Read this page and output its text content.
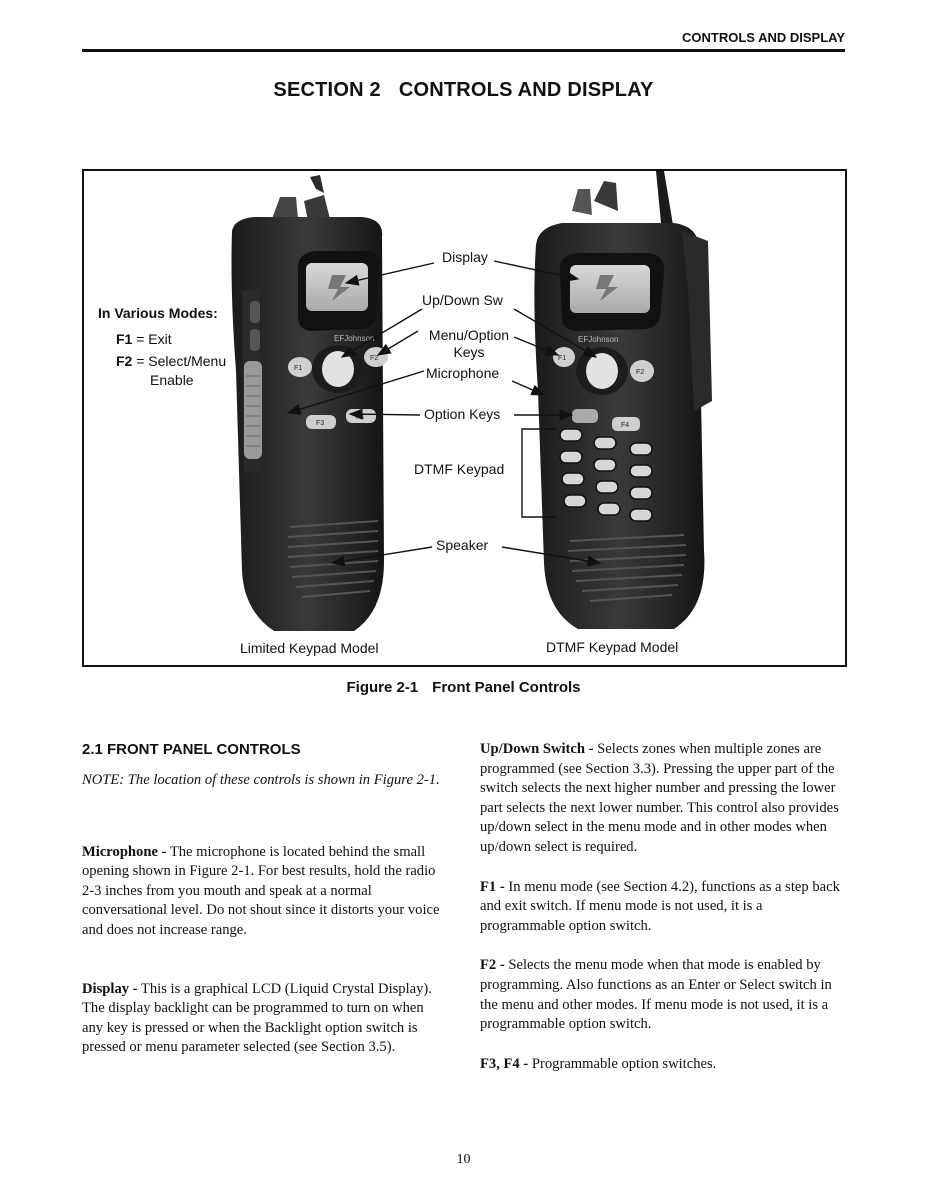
CONTROLS AND DISPLAY
SECTION 2 CONTROLS AND DISPLAY
EFJohnson
F1
F2
F3
F4
EFJohnson
F1
F2
F4
Display
Up/Down Sw
Menu/Option
Keys
Microphone
Option Keys
DTMF Keypad
Speaker
In Various Modes:
F1 = Exit
F2 = Select/Menu
Enable
Limited Keypad Model	DTMF Keypad Model
Figure 2-1 Front Panel Controls
2.1 FRONT PANEL CONTROLS

NOTE: The location of these controls is shown in Figure 2-1.

Microphone - The microphone is located behind the small opening shown in Figure 2-1. For best results, hold the radio 2-3 inches from you mouth and speak at a normal conversational level. Do not shout since it distorts your voice and does not increase range.

Display - This is a graphical LCD (Liquid Crystal Display). The display backlight can be programmed to turn on when any key is pressed or when the Backlight option switch is pressed or menu parameter selected (see Section 3.5).

Up/Down Switch - Selects zones when multiple zones are programmed (see Section 3.3). Pressing the upper part of the switch selects the next higher number and pressing the lower part selects the next lower number. This control also provides up/down select in the menu mode and in other modes when up/down select is required.

F1 - In menu mode (see Section 4.2), functions as a step back and exit switch. If menu mode is not used, it is a programmable option switch.

F2 - Selects the menu mode when that mode is enabled by programming. Also functions as an Enter or Select switch in the menu and other modes. If menu mode is not used, it is a programmable option switch.

F3, F4 - Programmable option switches.

10
